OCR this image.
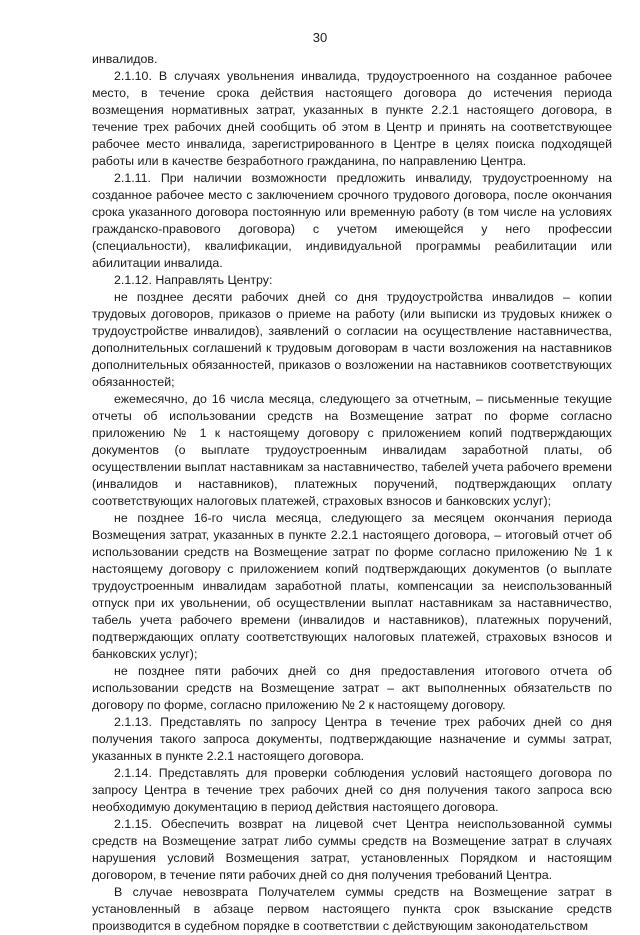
30

инвалидов.

2.1.10. В случаях увольнения инвалида, трудоустроенного на созданное рабочее место, в течение срока действия настоящего договора до истечения периода возмещения нормативных затрат, указанных в пункте 2.2.1 настоящего договора, в течение трех рабочих дней сообщить об этом в Центр и принять на соответствующее рабочее место инвалида, зарегистрированного в Центре в целях поиска подходящей работы или в качестве безработного гражданина, по направлению Центра.

2.1.11. При наличии возможности предложить инвалиду, трудоустроенному на созданное рабочее место с заключением срочного трудового договора, после окончания срока указанного договора постоянную или временную работу (в том числе на условиях гражданско-правового договора) с учетом имеющейся у него профессии (специальности), квалификации, индивидуальной программы реабилитации или абилитации инвалида.

2.1.12. Направлять Центру:

не позднее десяти рабочих дней со дня трудоустройства инвалидов – копии трудовых договоров, приказов о приеме на работу (или выписки из трудовых книжек о трудоустройстве инвалидов), заявлений о согласии на осуществление наставничества, дополнительных соглашений к трудовым договорам в части возложения на наставников дополнительных обязанностей, приказов о возложении на наставников соответствующих обязанностей;

ежемесячно, до 16 числа месяца, следующего за отчетным, – письменные текущие отчеты об использовании средств на Возмещение затрат по форме согласно приложению № 1 к настоящему договору с приложением копий подтверждающих документов (о выплате трудоустроенным инвалидам заработной платы, об осуществлении выплат наставникам за наставничество, табелей учета рабочего времени (инвалидов и наставников), платежных поручений, подтверждающих оплату соответствующих налоговых платежей, страховых взносов и банковских услуг);

не позднее 16-го числа месяца, следующего за месяцем окончания периода Возмещения затрат, указанных в пункте 2.2.1 настоящего договора, – итоговый отчет об использовании средств на Возмещение затрат по форме согласно приложению № 1 к настоящему договору с приложением копий подтверждающих документов (о выплате трудоустроенным инвалидам заработной платы, компенсации за неиспользованный отпуск при их увольнении, об осуществлении выплат наставникам за наставничество, табель учета рабочего времени (инвалидов и наставников), платежных поручений, подтверждающих оплату соответствующих налоговых платежей, страховых взносов и банковских услуг);

не позднее пяти рабочих дней со дня предоставления итогового отчета об использовании средств на Возмещение затрат – акт выполненных обязательств по договору по форме, согласно приложению № 2 к настоящему договору.

2.1.13. Представлять по запросу Центра в течение трех рабочих дней со дня получения такого запроса документы, подтверждающие назначение и суммы затрат, указанных в пункте 2.2.1 настоящего договора.

2.1.14. Представлять для проверки соблюдения условий настоящего договора по запросу Центра в течение трех рабочих дней со дня получения такого запроса всю необходимую документацию в период действия настоящего договора.

2.1.15. Обеспечить возврат на лицевой счет Центра неиспользованной суммы средств на Возмещение затрат либо суммы средств на Возмещение затрат в случаях нарушения условий Возмещения затрат, установленных Порядком и настоящим договором, в течение пяти рабочих дней со дня получения требований Центра.

В случае невозврата Получателем суммы средств на Возмещение затрат в установленный в абзаце первом настоящего пункта срок взыскание средств производится в судебном порядке в соответствии с действующим законодательством
